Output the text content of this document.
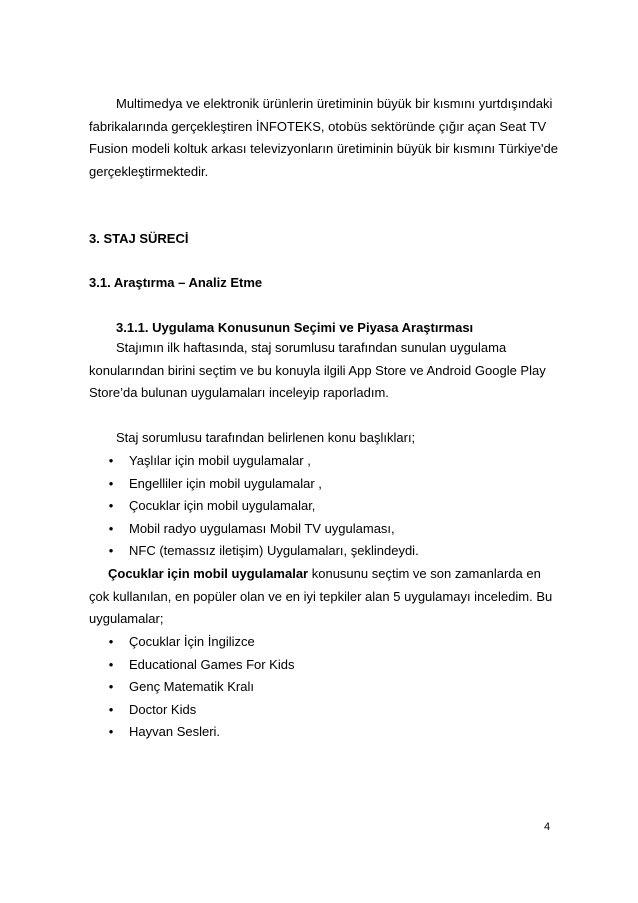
Multimedya ve elektronik ürünlerin üretiminin büyük bir kısmını yurtdışındaki fabrikalarında gerçekleştiren İNFOTEKS, otobüs sektöründe çığır açan Seat TV Fusion modeli koltuk arkası televizyonların üretiminin büyük bir kısmını Türkiye'de gerçekleştirmektedir.

3. STAJ SÜRECİ
3.1. Araştırma – Analiz Etme
3.1.1. Uygulama Konusunun Seçimi ve Piyasa Araştırması

Stajımın ilk haftasında, staj sorumlusu tarafından sunulan uygulama konularından birini seçtim ve bu konuyla ilgili App Store ve Android Google Play Store’da bulunan uygulamaları inceleyip raporladım.

Staj sorumlusu tarafından belirlenen konu başlıkları;

• Yaşlılar için mobil uygulamalar ,
• Engelliler için mobil uygulamalar ,
• Çocuklar için mobil uygulamalar,
• Mobil radyo uygulaması Mobil TV uygulaması,
• NFC (temassız iletişim) Uygulamaları, şeklindeydi.

Çocuklar için mobil uygulamalar konusunu seçtim ve son zamanlarda en çok kullanılan, en popüler olan ve en iyi tepkiler alan 5 uygulamayı inceledim. Bu uygulamalar;

• Çocuklar İçin İngilizce
• Educational Games For Kids
• Genç Matematik Kralı
• Doctor Kids
• Hayvan Sesleri.
4
